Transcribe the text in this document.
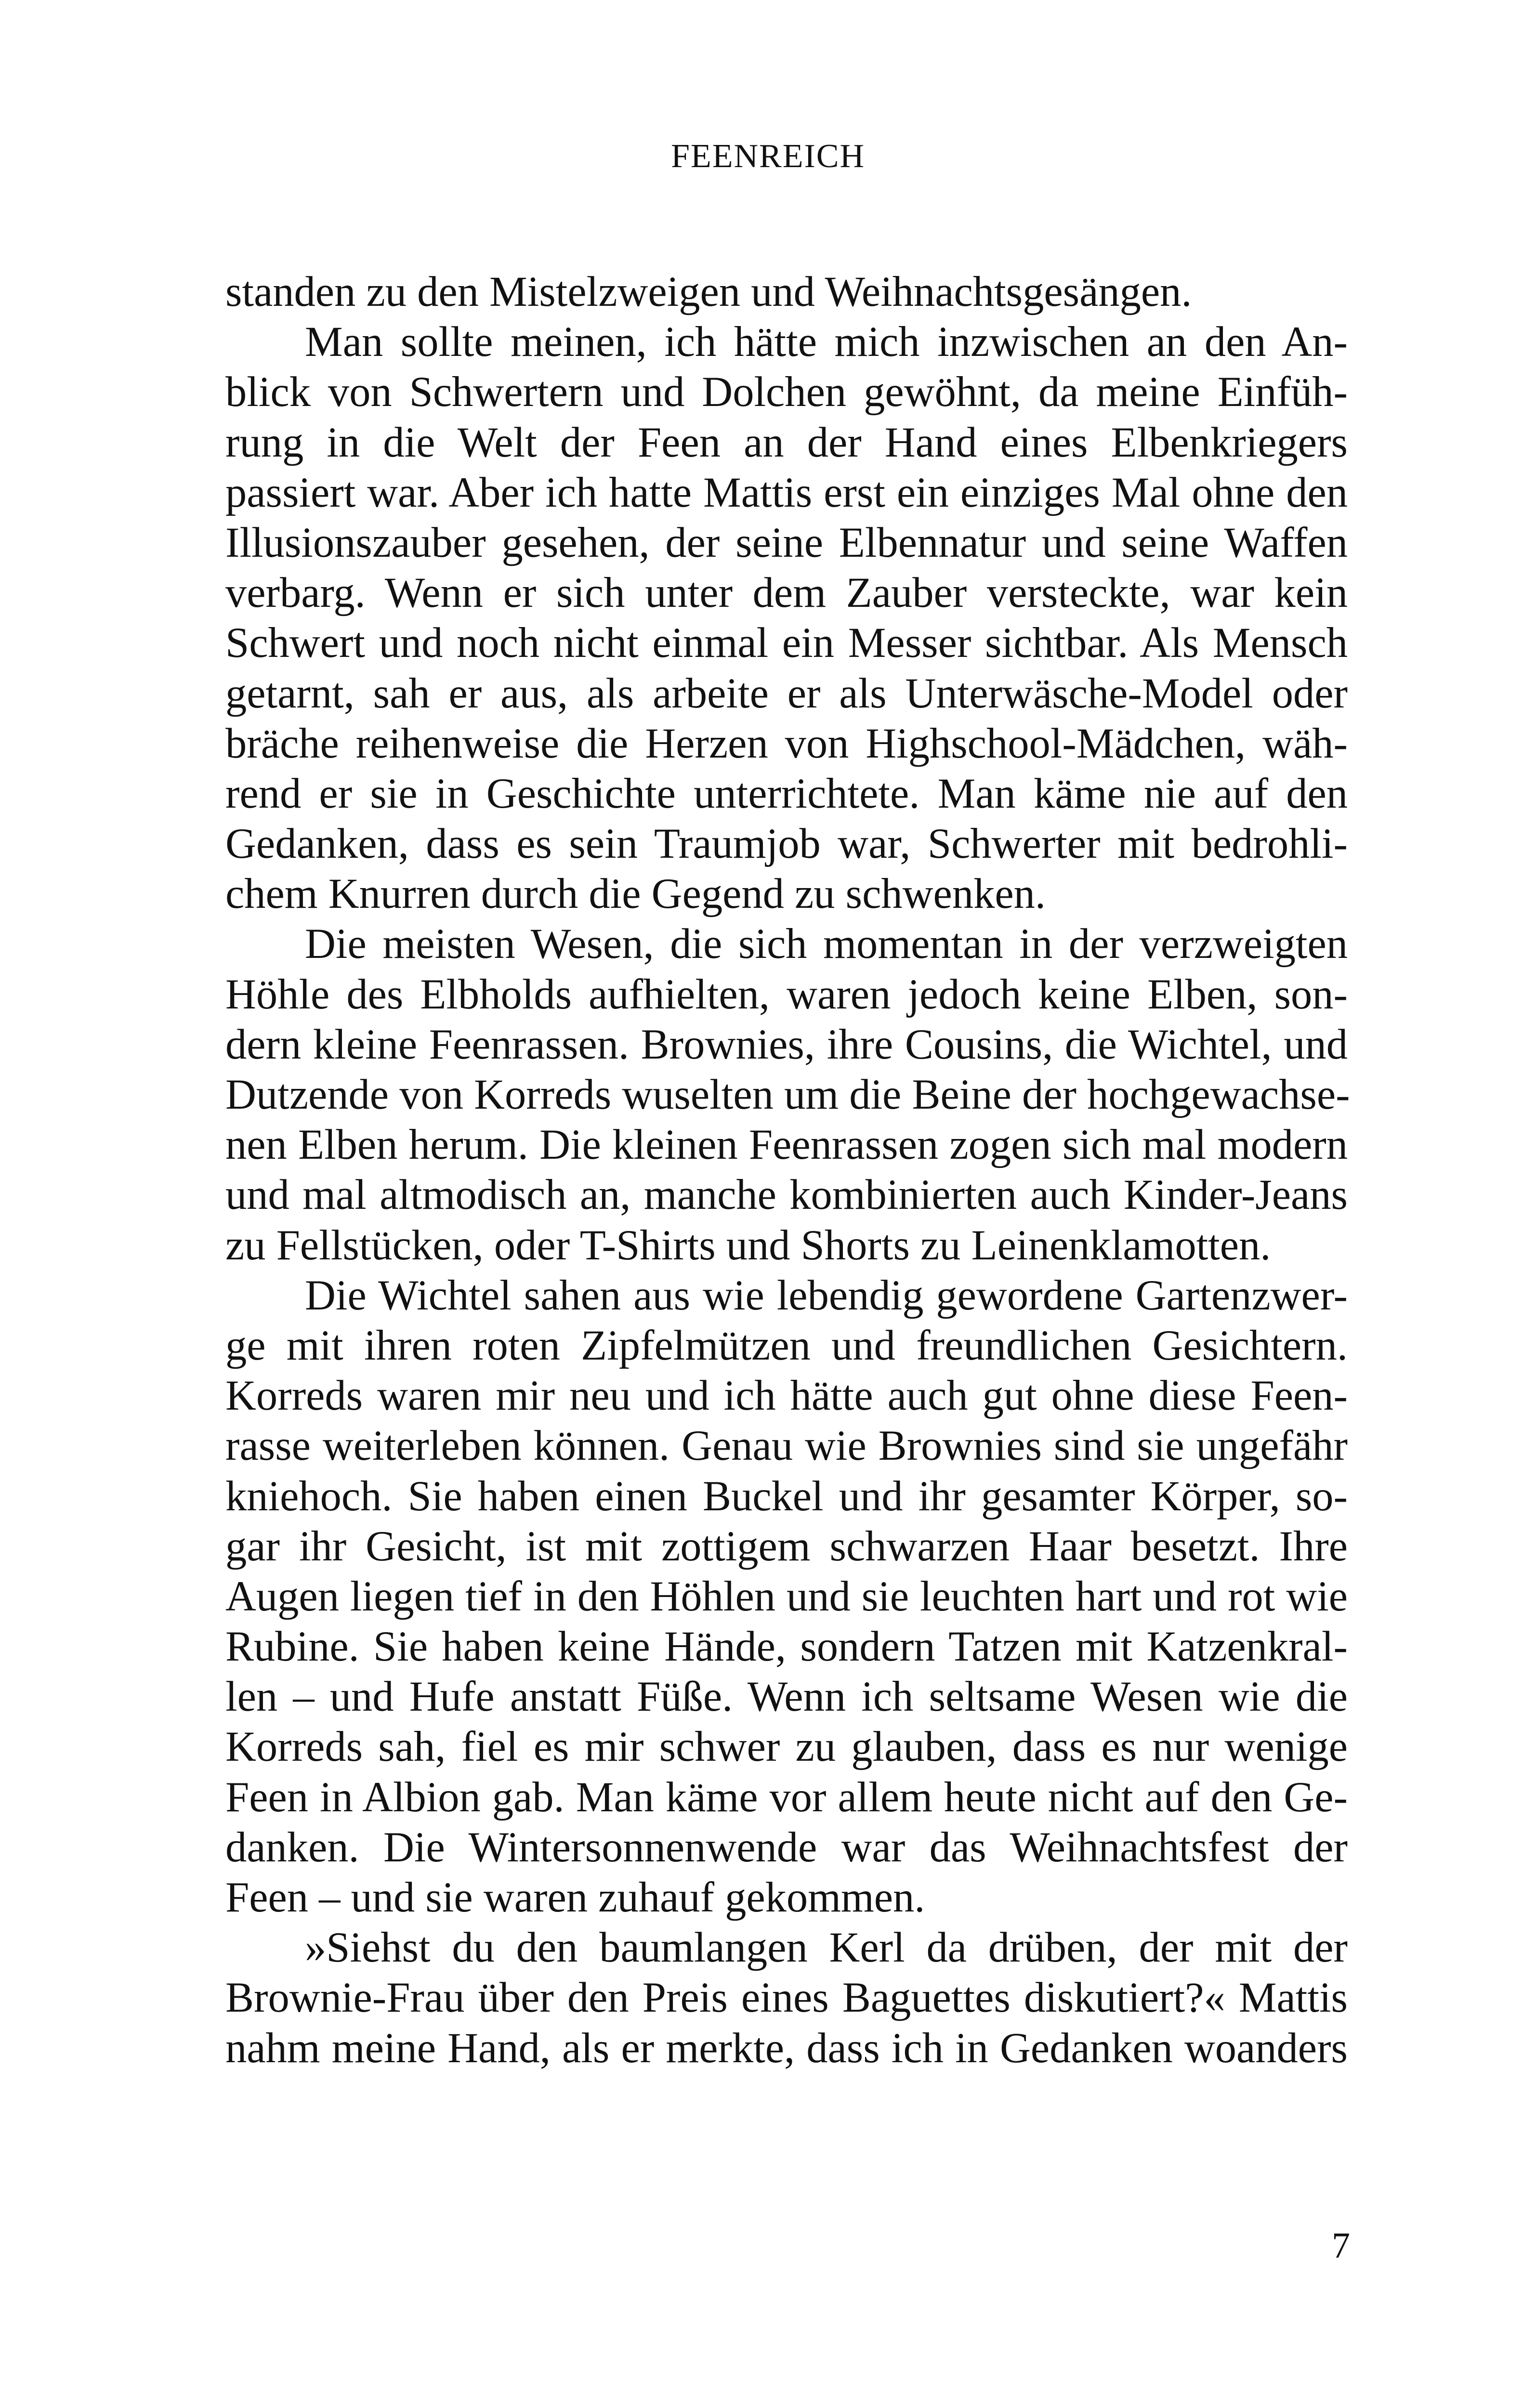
FEENREICH
standen zu den Mistelzweigen und Weihnachtsgesängen.
Man sollte meinen, ich hätte mich inzwischen an den An-
blick von Schwertern und Dolchen gewöhnt, da meine Einfüh-
rung in die Welt der Feen an der Hand eines Elbenkriegers
passiert war. Aber ich hatte Mattis erst ein einziges Mal ohne den
Illusionszauber gesehen, der seine Elbennatur und seine Waffen
verbarg. Wenn er sich unter dem Zauber versteckte, war kein
Schwert und noch nicht einmal ein Messer sichtbar. Als Mensch
getarnt, sah er aus, als arbeite er als Unterwäsche-Model oder
bräche reihenweise die Herzen von Highschool-Mädchen, wäh-
rend er sie in Geschichte unterrichtete. Man käme nie auf den
Gedanken, dass es sein Traumjob war, Schwerter mit bedrohli-
chem Knurren durch die Gegend zu schwenken.
Die meisten Wesen, die sich momentan in der verzweigten
Höhle des Elbholds aufhielten, waren jedoch keine Elben, son-
dern kleine Feenrassen. Brownies, ihre Cousins, die Wichtel, und
Dutzende von Korreds wuselten um die Beine der hochgewachse-
nen Elben herum. Die kleinen Feenrassen zogen sich mal modern
und mal altmodisch an, manche kombinierten auch Kinder-Jeans
zu Fellstücken, oder T-Shirts und Shorts zu Leinenklamotten.
Die Wichtel sahen aus wie lebendig gewordene Gartenzwer-
ge mit ihren roten Zipfelmützen und freundlichen Gesichtern.
Korreds waren mir neu und ich hätte auch gut ohne diese Feen-
rasse weiterleben können. Genau wie Brownies sind sie ungefähr
kniehoch. Sie haben einen Buckel und ihr gesamter Körper, so-
gar ihr Gesicht, ist mit zottigem schwarzen Haar besetzt. Ihre
Augen liegen tief in den Höhlen und sie leuchten hart und rot wie
Rubine. Sie haben keine Hände, sondern Tatzen mit Katzenkral-
len – und Hufe anstatt Füße. Wenn ich seltsame Wesen wie die
Korreds sah, fiel es mir schwer zu glauben, dass es nur wenige
Feen in Albion gab. Man käme vor allem heute nicht auf den Ge-
danken. Die Wintersonnenwende war das Weihnachtsfest der
Feen – und sie waren zuhauf gekommen.
»Siehst du den baumlangen Kerl da drüben, der mit der
Brownie-Frau über den Preis eines Baguettes diskutiert?« Mattis
nahm meine Hand, als er merkte, dass ich in Gedanken woanders
7
